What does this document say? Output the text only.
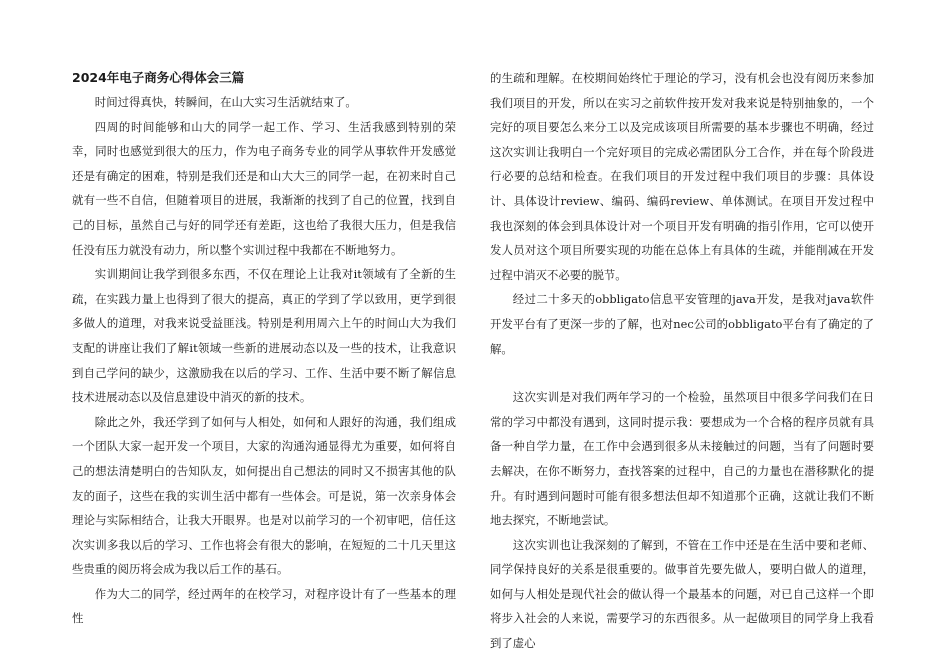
2024年电子商务心得体会三篇

时间过得真快，转瞬间，在山大实习生活就结束了。

四周的时间能够和山大的同学一起工作、学习、生活我感到特别的荣幸，同时也感觉到很大的压力，作为电子商务专业的同学从事软件开发感觉还是有确定的困难，特别是我们还是和山大大三的同学一起，在初来时自己就有一些不自信，但随着项目的进展，我渐渐的找到了自己的位置，找到自己的目标，虽然自己与好的同学还有差距，这也给了我很大压力，但是我信任没有压力就没有动力，所以整个实训过程中我都在不断地努力。

实训期间让我学到很多东西，不仅在理论上让我对it领域有了全新的生疏，在实践力量上也得到了很大的提高，真正的学到了学以致用，更学到很多做人的道理，对我来说受益匪浅。特别是利用周六上午的时间山大为我们支配的讲座让我们了解it领域一些新的进展动态以及一些的技术，让我意识到自己学问的缺少，这激励我在以后的学习、工作、生活中要不断了解信息技术进展动态以及信息建设中消灭的新的技术。

除此之外，我还学到了如何与人相处，如何和人跟好的沟通，我们组成一个团队大家一起开发一个项目，大家的沟通沟通显得尤为重要，如何将自己的想法清楚明白的告知队友，如何提出自己想法的同时又不损害其他的队友的面子，这些在我的实训生活中都有一些体会。可是说，第一次亲身体会理论与实际相结合，让我大开眼界。也是对以前学习的一个初审吧，信任这次实训多我以后的学习、工作也将会有很大的影响，在短短的二十几天里这些贵重的阅历将会成为我以后工作的基石。

作为大二的同学，经过两年的在校学习，对程序设计有了一些基本的理性

的生疏和理解。在校期间始终忙于理论的学习，没有机会也没有阅历来参加我们项目的开发，所以在实习之前软件按开发对我来说是特别抽象的，一个完好的项目要怎么来分工以及完成该项目所需要的基本步骤也不明确，经过这次实训让我明白一个完好项目的完成必需团队分工合作，并在每个阶段进行必要的总结和检查。在我们项目的开发过程中我们项目的步骤：具体设计、具体设计review、编码、编码review、单体测试。在项目开发过程中我也深刻的体会到具体设计对一个项目开发有明确的指引作用，它可以使开发人员对这个项目所要实现的功能在总体上有具体的生疏，并能削减在开发过程中消灭不必要的脱节。

经过二十多天的obbligato信息平安管理的java开发，是我对java软件开发平台有了更深一步的了解，也对nec公司的obbligato平台有了确定的了解。

这次实训是对我们两年学习的一个检验，虽然项目中很多学问我们在日常的学习中都没有遇到，这同时提示我：要想成为一个合格的程序员就有具备一种自学力量，在工作中会遇到很多从未接触过的问题，当有了问题时要去解决，在你不断努力，查找答案的过程中，自己的力量也在潜移默化的提升。有时遇到问题时可能有很多想法但却不知道那个正确，这就让我们不断地去探究，不断地尝试。

这次实训也让我深刻的了解到，不管在工作中还是在生活中要和老师、同学保持良好的关系是很重要的。做事首先要先做人，要明白做人的道理，如何与人相处是现代社会的做认得一个最基本的问题，对已自己这样一个即将步入社会的人来说，需要学习的东西很多。从一起做项目的同学身上我看到了虚心
